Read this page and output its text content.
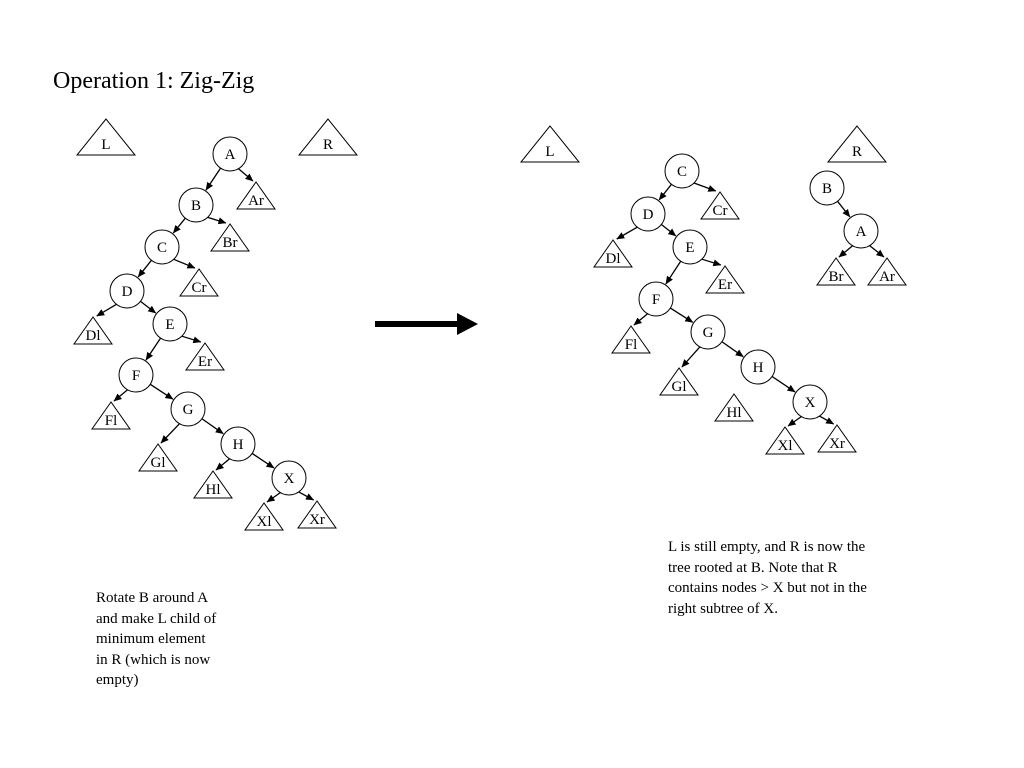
Operation 1: Zig-Zig
L	R
Ar
Br
Cr
Dl
Er
Fl
Gl
Hl
Xl	Xr
A
B
C
D
E
F
G
H
X
L	R
Cr
Dl
Er
Fl
Gl
Hl
Xl Xr
Br Ar
C
D
E
F
G
H
X
B
A
Rotate B around A
and make L child of
minimum element
in R (which is now
empty)
L is still empty, and R is now the
tree rooted at B. Note that R
contains nodes > X but not in the
right subtree of X.
